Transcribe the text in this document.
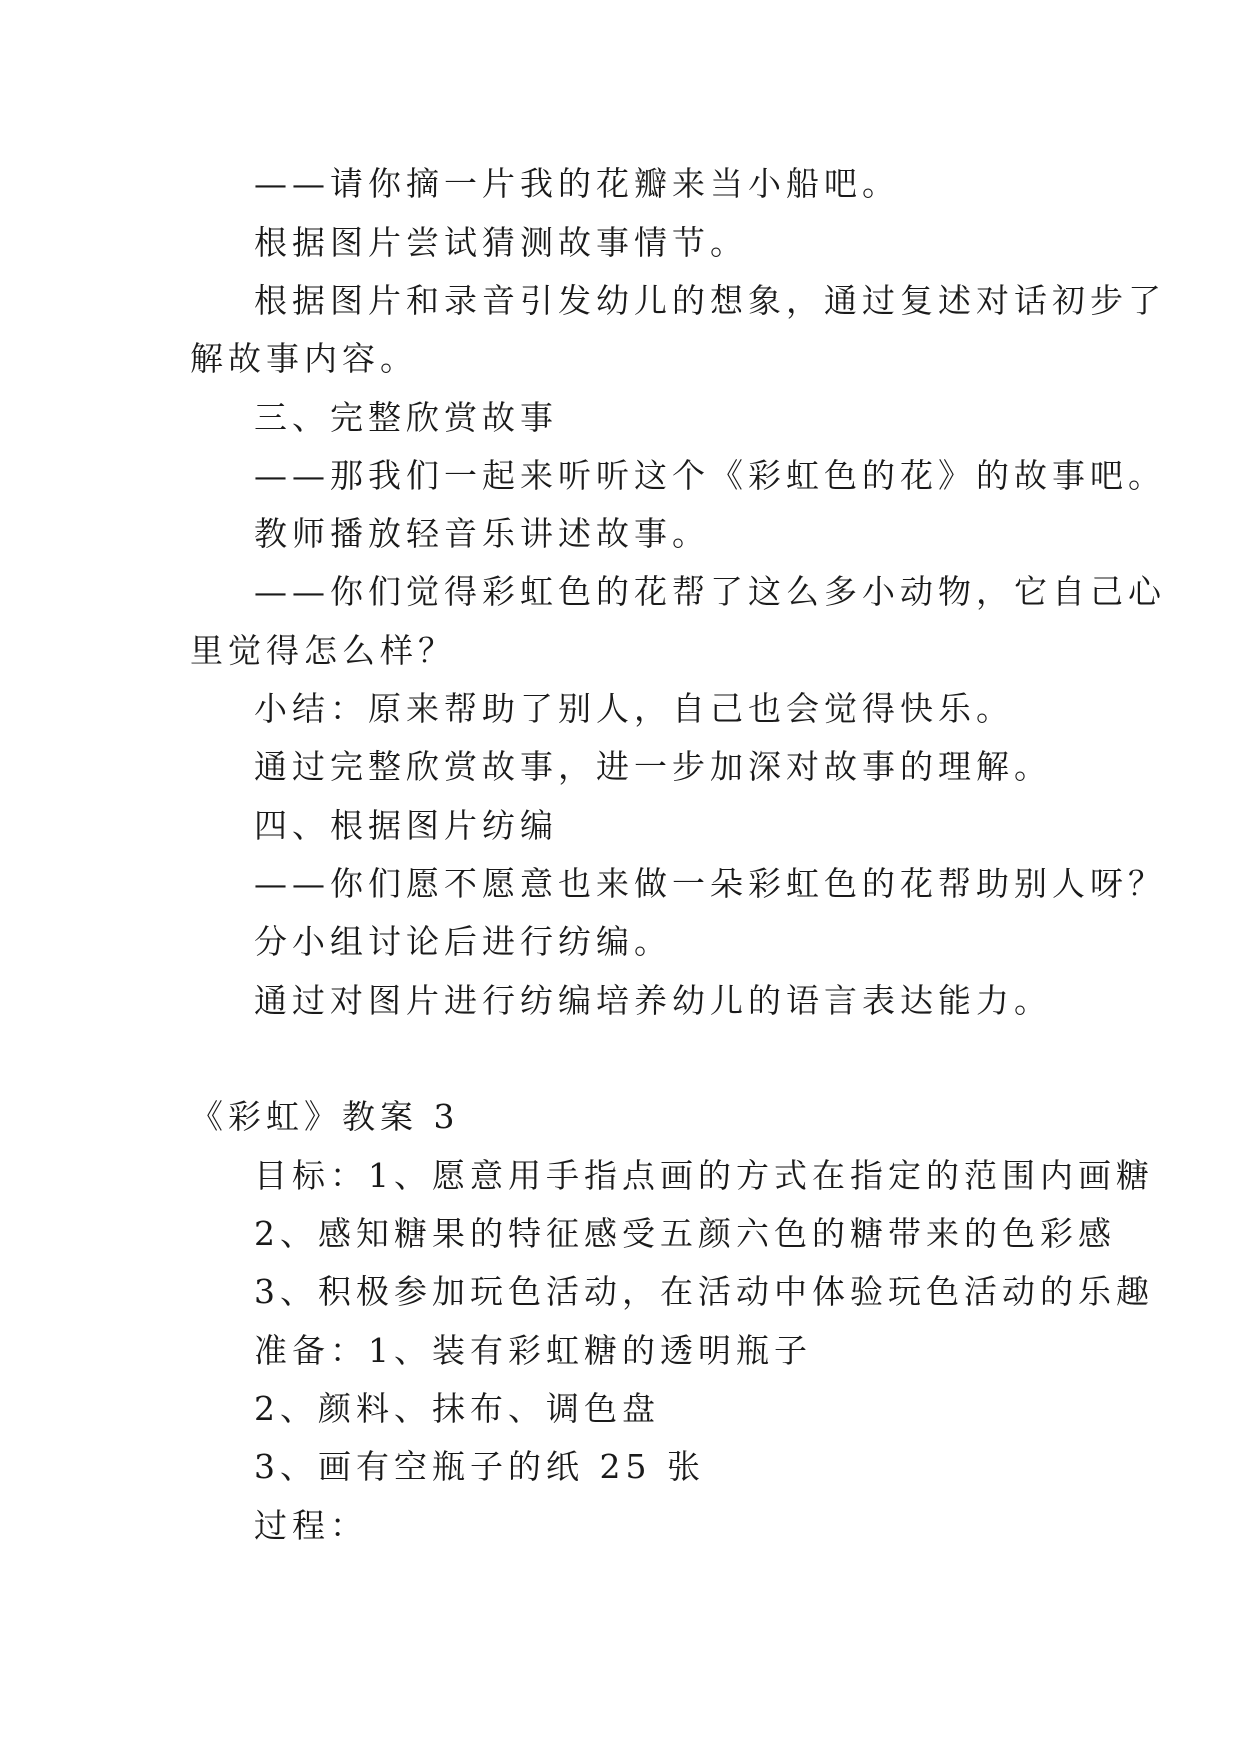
——请你摘一片我的花瓣来当小船吧。
根据图片尝试猜测故事情节。
根据图片和录音引发幼儿的想象，通过复述对话初步了
解故事内容。
三、完整欣赏故事
——那我们一起来听听这个《彩虹色的花》的故事吧。
教师播放轻音乐讲述故事。
——你们觉得彩虹色的花帮了这么多小动物，它自己心
里觉得怎么样？
小结：原来帮助了别人，自己也会觉得快乐。
通过完整欣赏故事，进一步加深对故事的理解。
四、根据图片纺编
——你们愿不愿意也来做一朵彩虹色的花帮助别人呀？
分小组讨论后进行纺编。
通过对图片进行纺编培养幼儿的语言表达能力。
《彩虹》教案 3
目标：1、愿意用手指点画的方式在指定的范围内画糖
2、感知糖果的特征感受五颜六色的糖带来的色彩感
3、积极参加玩色活动，在活动中体验玩色活动的乐趣
准备：1、装有彩虹糖的透明瓶子
2、颜料、抹布、调色盘
3、画有空瓶子的纸 25 张
过程：
